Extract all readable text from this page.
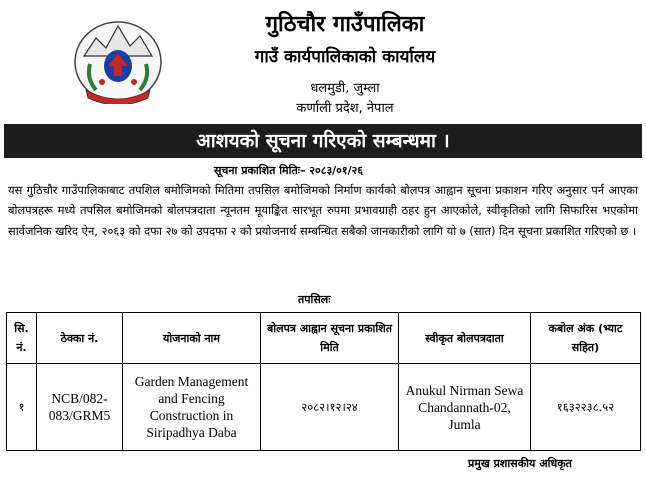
गुठिचौर गाउँपालिका
गाउँ कार्यपालिकाको कार्यालय
धलमुडी, जुम्ला
कर्णाली प्रदेश, नेपाल
आशयको सूचना गरिएको सम्बन्धमा ।
सूचना प्रकाशित मितिः– २०८३/०१/२६
यस गुठिचौर गाउँपालिकाबाट तपशिल बमोजिमको मितिमा तपसिल बमोजिमको निर्माण कार्यको बोलपत्र आह्वान सूचना प्रकाशन गरिए अनुसार पर्न आएका बोलपत्रहरू मध्ये तपसिल बमोजिमको बोलपत्रदाता न्यूनतम मूयाङ्कित सारभूत रुपमा प्रभावग्राही ठहर हुन आएकोले, स्वीकृतिको लागि सिफारिस भएकोमा सार्वजनिक खरिद ऐन, २०६३ को दफा २७ को उपदफा २ को प्रयोजनार्थ सम्बन्धित सबैको जानकारीको लागि यो ७ (सात) दिन सूचना प्रकाशित गरिएको छ ।
तपसिलः
सि. नं.	ठेक्का नं.	योजनाको नाम	बोलपत्र आह्वान सूचना प्रकाशित मिति	स्वीकृत बोलपत्रदाता	कबोल अंक (भ्याट सहित)
१	NCB/082-083/GRM5	Garden Management and Fencing Construction in Siripadhya Daba	२०८२।१२।२४	Anukul Nirman Sewa Chandannath-02, Jumla	१६३२२३८.५२
प्रमुख प्रशासकीय अधिकृत
